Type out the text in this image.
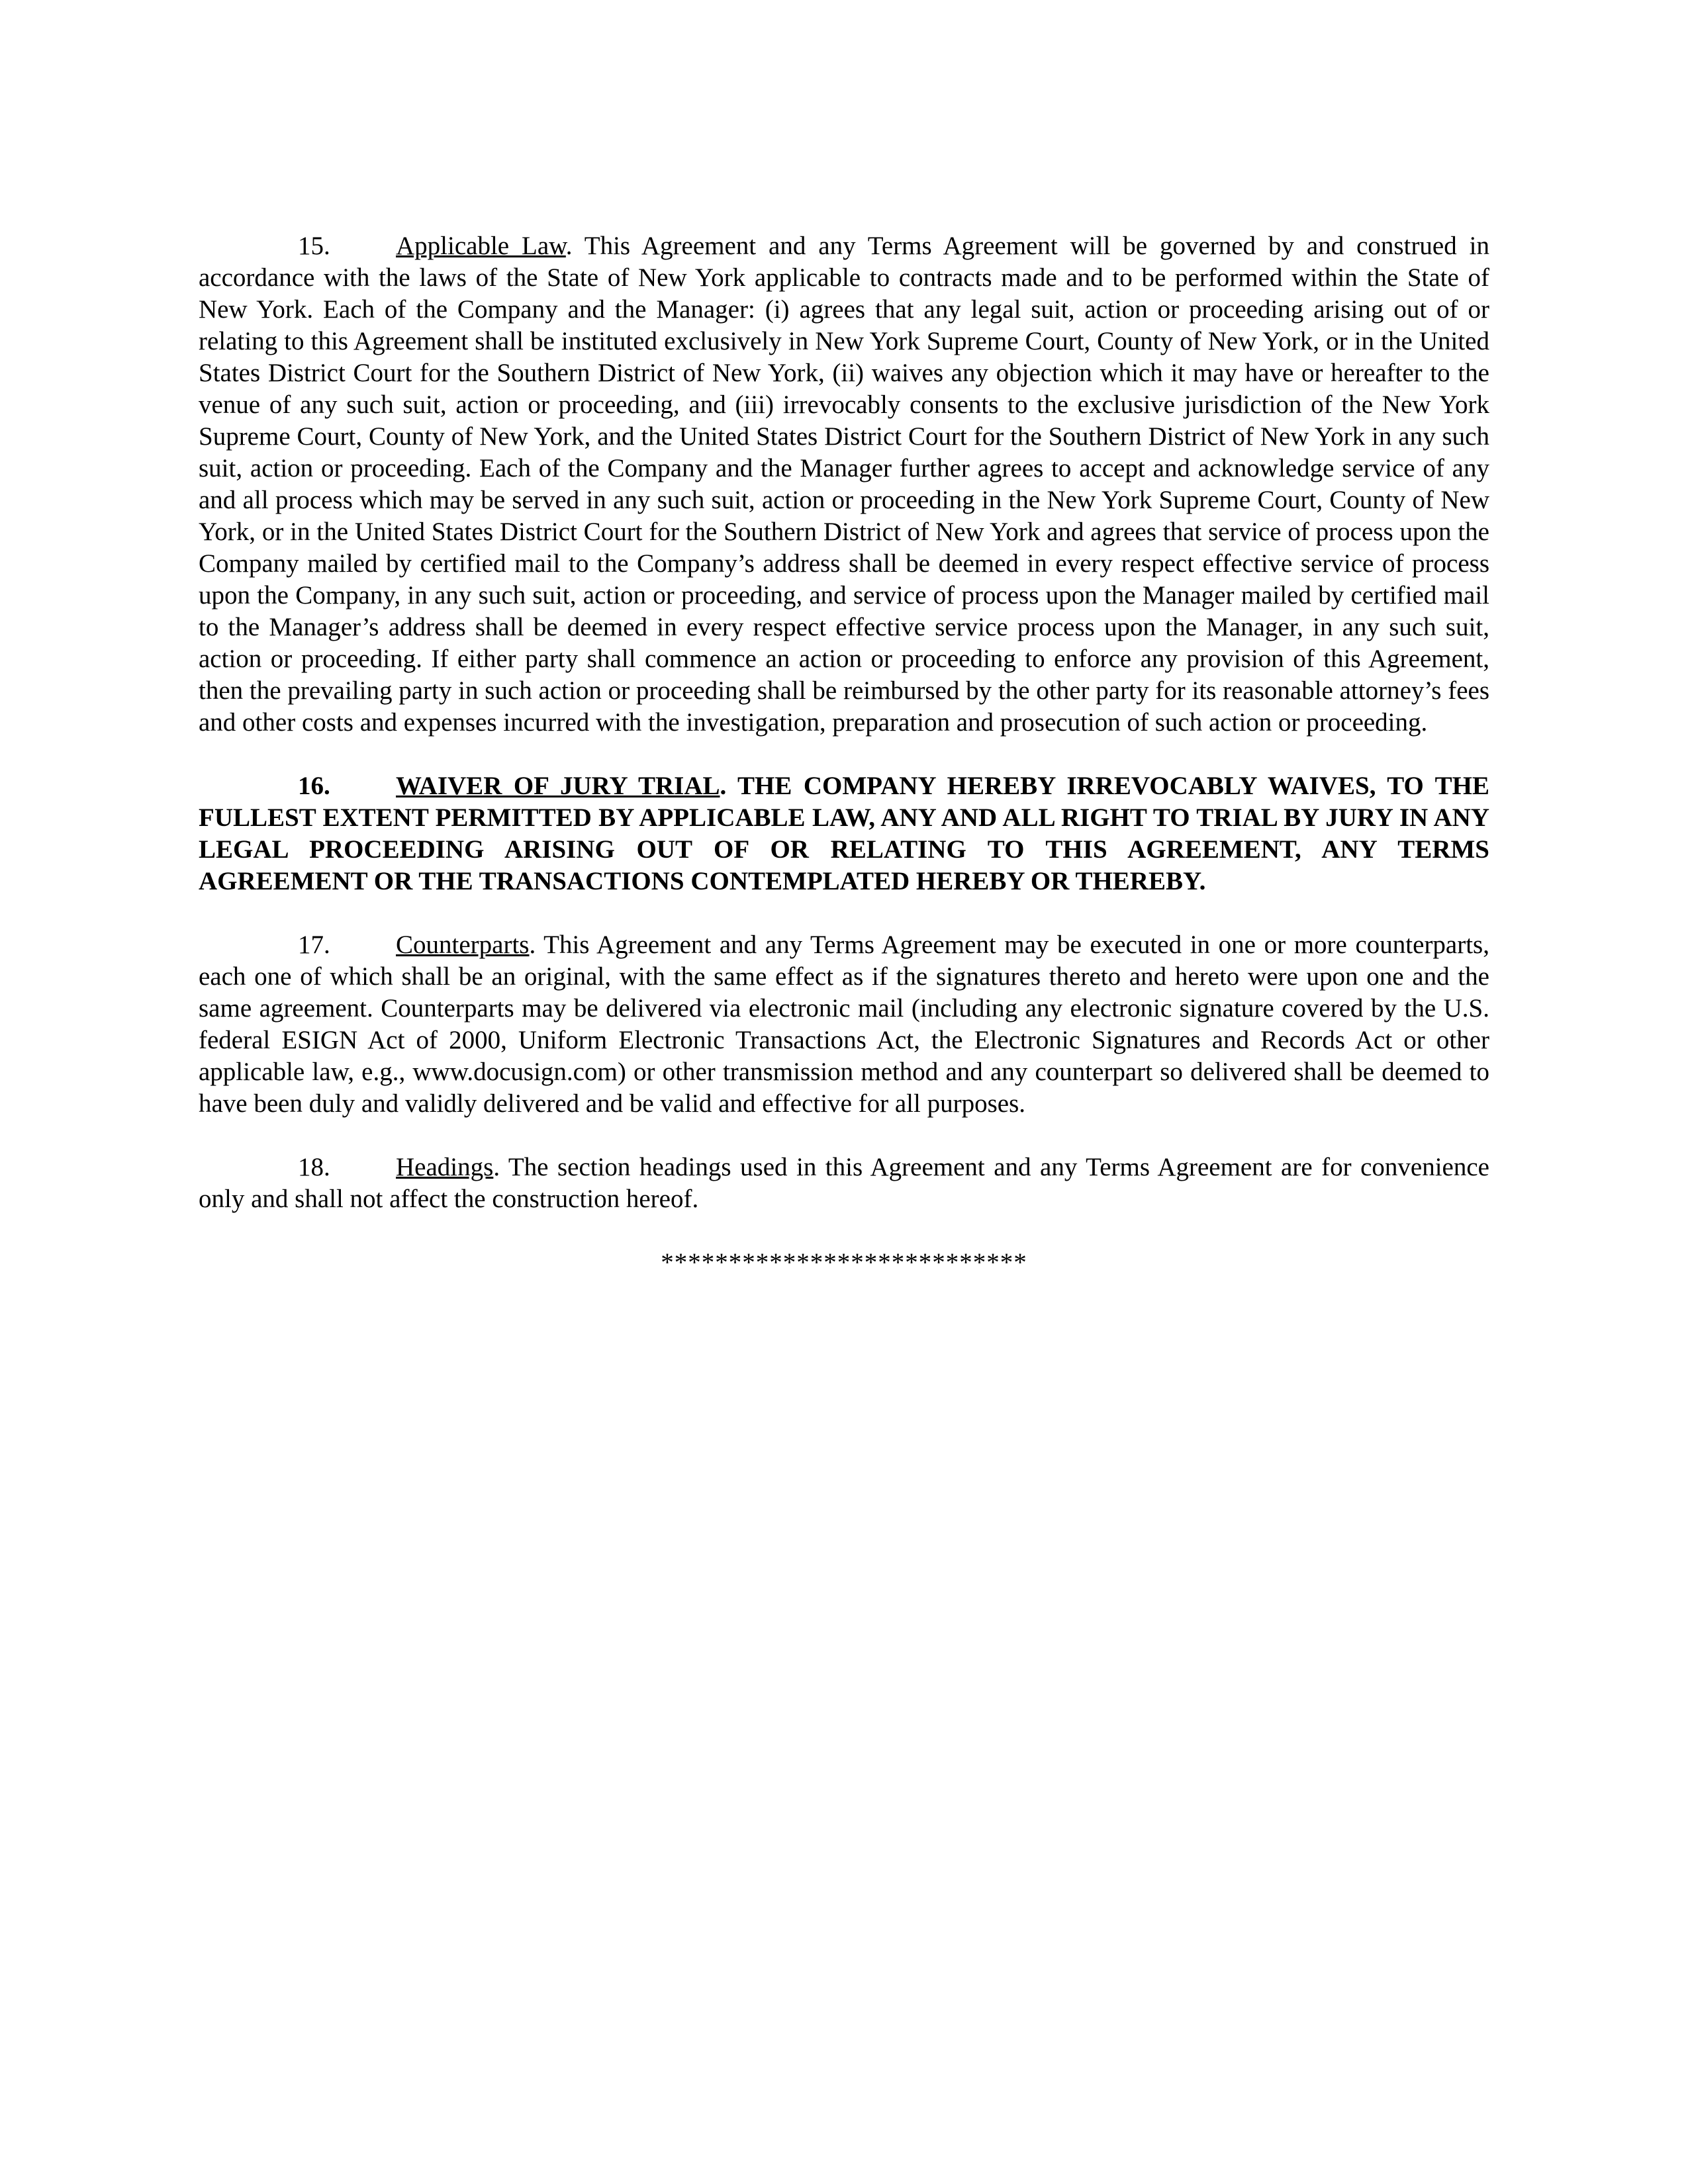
15.	Applicable Law. This Agreement and any Terms Agreement will be governed by and construed in accordance with the laws of the State of New York applicable to contracts made and to be performed within the State of New York. Each of the Company and the Manager: (i) agrees that any legal suit, action or proceeding arising out of or relating to this Agreement shall be instituted exclusively in New York Supreme Court, County of New York, or in the United States District Court for the Southern District of New York, (ii) waives any objection which it may have or hereafter to the venue of any such suit, action or proceeding, and (iii) irrevocably consents to the exclusive jurisdiction of the New York Supreme Court, County of New York, and the United States District Court for the Southern District of New York in any such suit, action or proceeding. Each of the Company and the Manager further agrees to accept and acknowledge service of any and all process which may be served in any such suit, action or proceeding in the New York Supreme Court, County of New York, or in the United States District Court for the Southern District of New York and agrees that service of process upon the Company mailed by certified mail to the Company’s address shall be deemed in every respect effective service of process upon the Company, in any such suit, action or proceeding, and service of process upon the Manager mailed by certified mail to the Manager’s address shall be deemed in every respect effective service process upon the Manager, in any such suit, action or proceeding. If either party shall commence an action or proceeding to enforce any provision of this Agreement, then the prevailing party in such action or proceeding shall be reimbursed by the other party for its reasonable attorney’s fees and other costs and expenses incurred with the investigation, preparation and prosecution of such action or proceeding.

16.	WAIVER OF JURY TRIAL. THE COMPANY HEREBY IRREVOCABLY WAIVES, TO THE FULLEST EXTENT PERMITTED BY APPLICABLE LAW, ANY AND ALL RIGHT TO TRIAL BY JURY IN ANY LEGAL PROCEEDING ARISING OUT OF OR RELATING TO THIS AGREEMENT, ANY TERMS AGREEMENT OR THE TRANSACTIONS CONTEMPLATED HEREBY OR THEREBY.

17.	Counterparts. This Agreement and any Terms Agreement may be executed in one or more counterparts, each one of which shall be an original, with the same effect as if the signatures thereto and hereto were upon one and the same agreement. Counterparts may be delivered via electronic mail (including any electronic signature covered by the U.S. federal ESIGN Act of 2000, Uniform Electronic Transactions Act, the Electronic Signatures and Records Act or other applicable law, e.g., www.docusign.com) or other transmission method and any counterpart so delivered shall be deemed to have been duly and validly delivered and be valid and effective for all purposes.

18.	Headings. The section headings used in this Agreement and any Terms Agreement are for convenience only and shall not affect the construction hereof.

***************************
